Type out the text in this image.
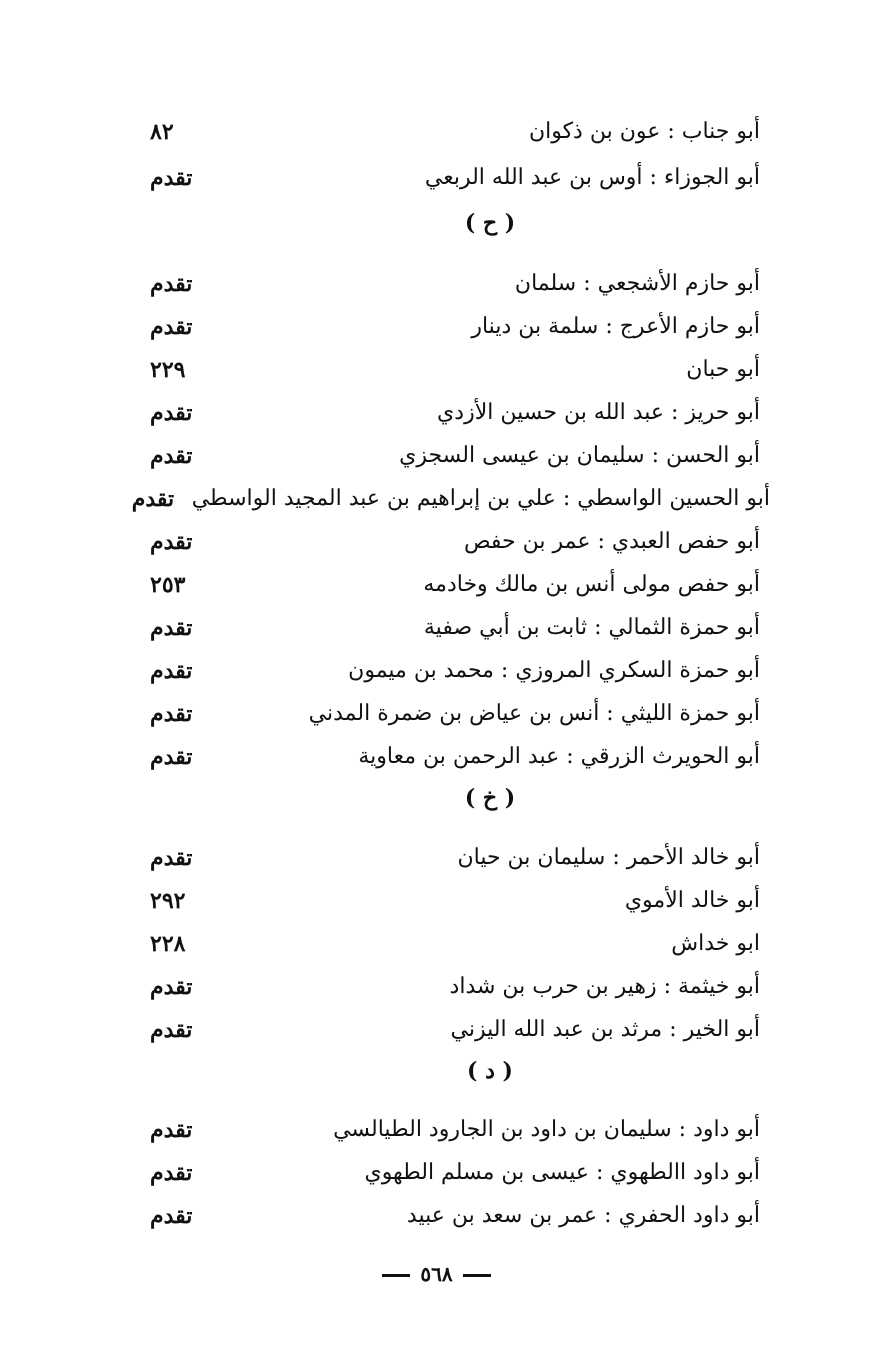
أبو جناب : عون بن ذكوان
٨٢
أبو الجوزاء : أوس بن عبد الله الربعي
تقدم
( ح )
أبو حازم الأشجعي : سلمان
تقدم
أبو حازم الأعرج : سلمة بن دينار
تقدم
أبو حبان
٢٢٩
أبو حريز : عبد الله بن حسين الأزدي
تقدم
أبو الحسن : سليمان بن عيسى السجزي
تقدم
أبو الحسين الواسطي : علي بن إبراهيم بن عبد المجيد الواسطي
تقدم
أبو حفص العبدي : عمر بن حفص
تقدم
أبو حفص مولى أنس بن مالك وخادمه
٢٥٣
أبو حمزة الثمالي : ثابت بن أبي صفية
تقدم
أبو حمزة السكري المروزي : محمد بن ميمون
تقدم
أبو حمزة الليثي : أنس بن عياض بن ضمرة المدني
تقدم
أبو الحويرث الزرقي : عبد الرحمن بن معاوية
تقدم
( خ )
أبو خالد الأحمر : سليمان بن حيان
تقدم
أبو خالد الأموي
٢٩٢
ابو خداش
٢٢٨
أبو خيثمة : زهير بن حرب بن شداد
تقدم
أبو الخير : مرثد بن عبد الله اليزني
تقدم
( د )
أبو داود : سليمان بن داود بن الجارود الطيالسي
تقدم
أبو داود االطهوي : عيسى بن مسلم الطهوي
تقدم
أبو داود الحفري : عمر بن سعد بن عبيد
تقدم
٥٦٨
